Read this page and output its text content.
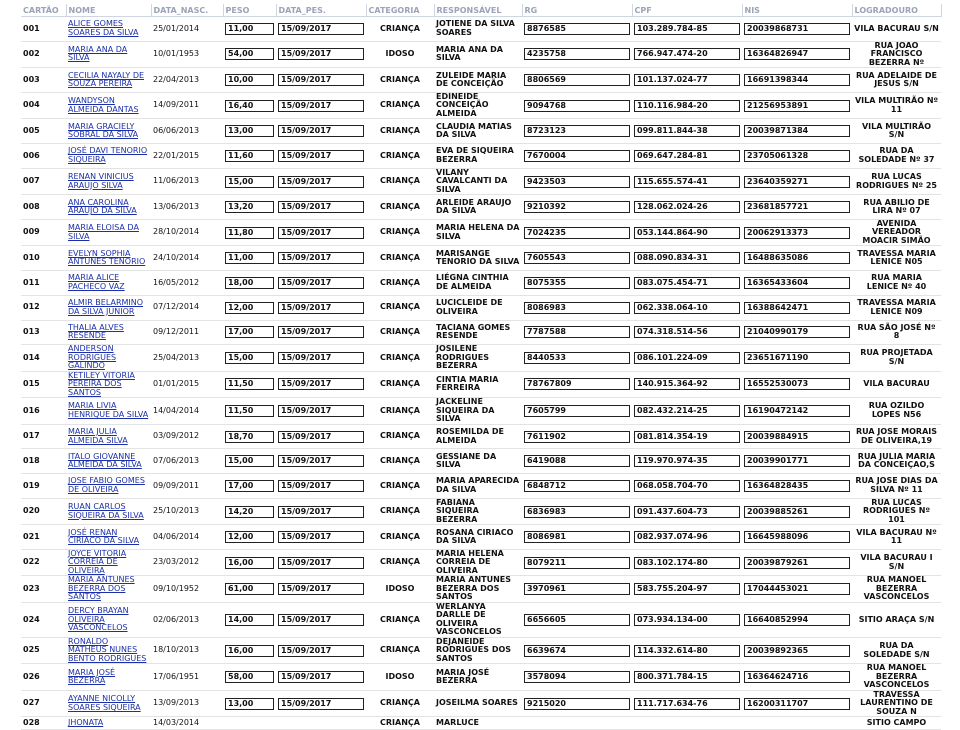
CARTÃO	NOME	DATA_NASC.	PESO	DATA_PES.	CATEGORIA	RESPONSÁVEL	RG	CPF	NIS	LOGRADOURO
001	ALICE GOMES SOARES DA SILVA	25/01/2014	11,00	15/09/2017	CRIANÇA	JOTIENE DA SILVA SOARES	8876585	103.289.784-85	20039868731	VILA BACURAU S/N
002	MARIA ANA DA SILVA	10/01/1953	54,00	15/09/2017	IDOSO	MARIA ANA DA SILVA	4235758	766.947.474-20	16364826947	RUA JOÃO FRANCISCO BEZERRA Nº
003	CECILIA NAYALY DE SOUZA PEREIRA	22/04/2013	10,00	15/09/2017	CRIANÇA	ZULEIDE MARIA DE CONCEIÇÃO	8806569	101.137.024-77	16691398344	RUA ADELAIDE DE JESUS S/N
004	WANDYSON ALMEIDA DANTAS	14/09/2011	16,40	15/09/2017	CRIANÇA	EDINEIDE CONCEIÇÃO ALMEIDA	9094768	110.116.984-20	21256953891	VILA MULTIRÃO Nº 11
005	MARIA GRACIELY SOBRAL DA SILVA	06/06/2013	13,00	15/09/2017	CRIANÇA	CLAUDIA MATIAS DA SILVA	8723123	099.811.844-38	20039871384	VILA MULTIRÃO S/N
006	JOSÉ DAVI TENORIO SIQUEIRA	22/01/2015	11,60	15/09/2017	CRIANÇA	EVA DE SIQUEIRA BEZERRA	7670004	069.647.284-81	23705061328	RUA DA SOLEDADE Nº 37
007	RENAN VINICIUS ARAUJO SILVA	11/06/2013	15,00	15/09/2017	CRIANÇA	VILANY CAVALCANTI DA SILVA	9423503	115.655.574-41	23640359271	RUA LUCAS RODRIGUES Nº 25
008	ANA CAROLINA ARAUJO DA SILVA	13/06/2013	13,20	15/09/2017	CRIANÇA	ARLEIDE ARAUJO DA SILVA	9210392	128.062.024-26	23681857721	RUA ABILIO DE LIRA Nº 07
009	MARIA ELOISA DA SILVA	28/10/2014	11,80	15/09/2017	CRIANÇA	MARIA HELENA DA SILVA	7024235	053.144.864-90	20062913373	AVENIDA VEREADOR MOACIR SIMÃO
010	EVELYN SOPHIA ANTUNES TENORIO	24/10/2014	11,00	15/09/2017	CRIANÇA	MARISANGE TENORIO DA SILVA	7605543	088.090.834-31	16488635086	TRAVESSA MARIA LENICE N05
011	MARIA ALICE PACHECO VAZ	16/05/2012	18,00	15/09/2017	CRIANÇA	LIÉGNA CINTHIA DE ALMEIDA	8075355	083.075.454-71	16365433604	RUA MARIA LENICE Nº 40
012	ALMIR BELARMINO DA SILVA JUNIOR	07/12/2014	12,00	15/09/2017	CRIANÇA	LUCICLEIDE DE OLIVEIRA	8086983	062.338.064-10	16388642471	TRAVESSA MARIA LENICE N09
013	THALIA ALVES RESENDE	09/12/2011	17,00	15/09/2017	CRIANÇA	TACIANA GOMES RESENDE	7787588	074.318.514-56	21040990179	RUA SÃO JOSÉ Nº 8
014	ANDERSON RODRIGUES GALINDO	25/04/2013	15,00	15/09/2017	CRIANÇA	JOSILENE RODRIGUES BEZERRA	8440533	086.101.224-09	23651671190	RUA PROJETADA S/N
015	KETILEY VITORIA PEREIRA DOS SANTOS	01/01/2015	11,50	15/09/2017	CRIANÇA	CINTIA MARIA FERREIRA	78767809	140.915.364-92	16552530073	VILA BACURAU
016	MARIA LIVIA HENRIQUE DA SILVA	14/04/2014	11,50	15/09/2017	CRIANÇA	JACKELINE SIQUEIRA DA SILVA	7605799	082.432.214-25	16190472142	RUA OZILDO LOPES N56
017	MARIA JULIA ALMEIDA SILVA	03/09/2012	18,70	15/09/2017	CRIANÇA	ROSEMILDA DE ALMEIDA	7611902	081.814.354-19	20039884915	RUA JOSE MORAIS DE OLIVEIRA,19
018	ITALO GIOVANNE ALMEIDA DA SILVA	07/06/2013	15,00	15/09/2017	CRIANÇA	GESSIANE DA SILVA	6419088	119.970.974-35	20039901771	RUA JULIA MARIA DA CONCEIÇAO,S
019	JOSE FABIO GOMES DE OLIVEIRA	09/09/2011	17,00	15/09/2017	CRIANÇA	MARIA APARECIDA DA SILVA	6848712	068.058.704-70	16364828435	RUA JOSE DIAS DA SILVA Nº 11
020	RUAN CARLOS SIQUEIRA DA SILVA	25/10/2013	14,20	15/09/2017	CRIANÇA	FABIANA SIQUEIRA BEZERRA	6836983	091.437.604-73	20039885261	RUA LUCAS RODRIGUES Nº 101
021	JOSÉ RENAN CIRIACO DA SILVA	04/06/2014	12,00	15/09/2017	CRIANÇA	ROSANA CIRIACO DA SILVA	8086981	082.937.074-96	16645988096	VILA BACURAU Nº 11
022	JOYCE VITORIA CORREIA DE OLIVEIRA	23/03/2012	16,00	15/09/2017	CRIANÇA	MARIA HELENA CORREIA DE OLIVEIRA	8079211	083.102.174-80	20039879261	VILA BACURAU I S/N
023	MARIA ANTUNES BEZERRA DOS SANTOS	09/10/1952	61,00	15/09/2017	IDOSO	MARIA ANTUNES BEZERRA DOS SANTOS	3970961	583.755.204-97	17044453021	RUA MANOEL BEZERRA VASCONCELOS
024	DERCY BRAYAN OLIVEIRA VASCONCELOS	02/06/2013	14,00	15/09/2017	CRIANÇA	WERLANYA DARLLE DE OLIVEIRA VASCONCELOS	6656605	073.934.134-00	16640852994	SITIO ARAÇA S/N
025	RONALDO MATHEUS NUNES BENTO RODRIGUES	18/10/2013	16,00	15/09/2017	CRIANÇA	DEJANEIDE RODRIGUES DOS SANTOS	6639674	114.332.614-80	20039892365	RUA DA SOLEDADE S/N
026	MARIA JOSÉ BEZERRA	17/06/1951	58,00	15/09/2017	IDOSO	MARIA JOSÉ BEZERRA	3578094	800.371.784-15	16364624716	RUA MANOEL BEZERRA VASCONCELOS
027	AYANNE NICOLLY SOARES SIQUEIRA	13/09/2013	13,00	15/09/2017	CRIANÇA	JOSEILMA SOARES	9215020	111.717.634-76	16200311707	TRAVESSA LAURENTINO DE SOUZA N
028	JHONATA	14/03/2014			CRIANÇA	MARLUCE				SITIO CAMPO
